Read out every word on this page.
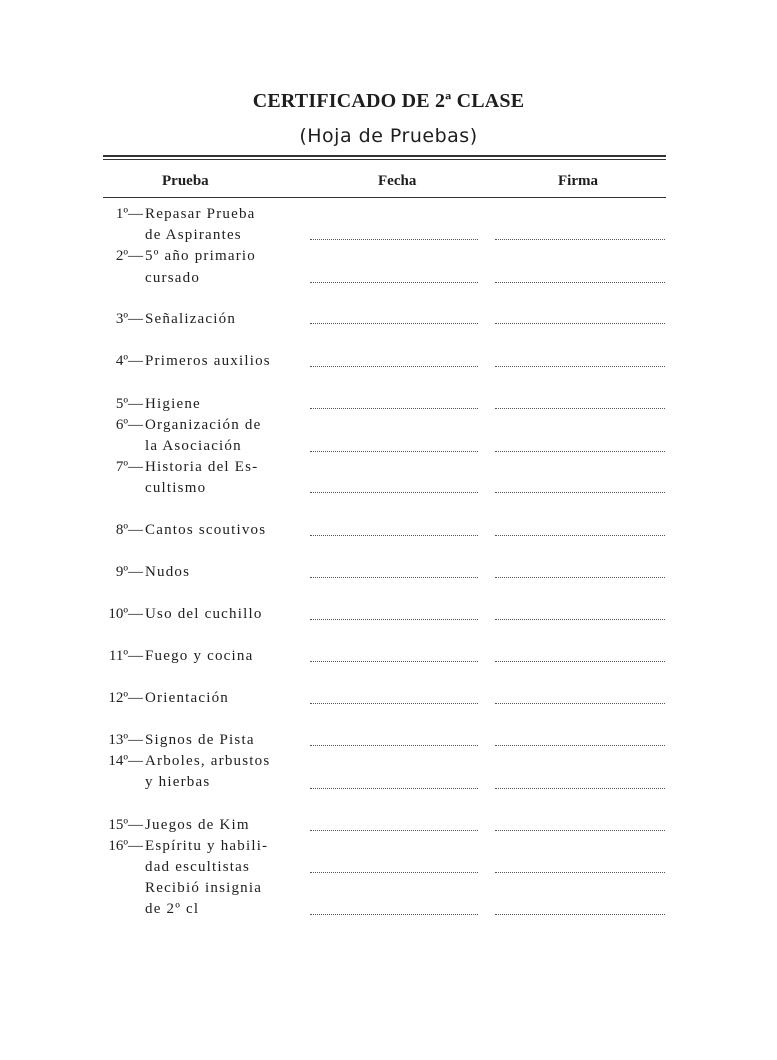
CERTIFICADO DE 2ª CLASE
(Hoja de Pruebas)
Prueba	Fecha	Firma
1º— Repasar Prueba
de Aspirantes
2º— 5º año primario
cursado
3º— Señalización
4º— Primeros auxilios
5º— Higiene
6º— Organización de
la Asociación
7º— Historia del Es-
cultismo
8º— Cantos scoutivos
9º— Nudos
10º— Uso del cuchillo
11º— Fuego y cocina
12º— Orientación
13º— Signos de Pista
14º— Arboles, arbustos
y hierbas
15º— Juegos de Kim
16º— Espíritu y habili-
dad escultistas
Recibió insignia
de 2º cl
